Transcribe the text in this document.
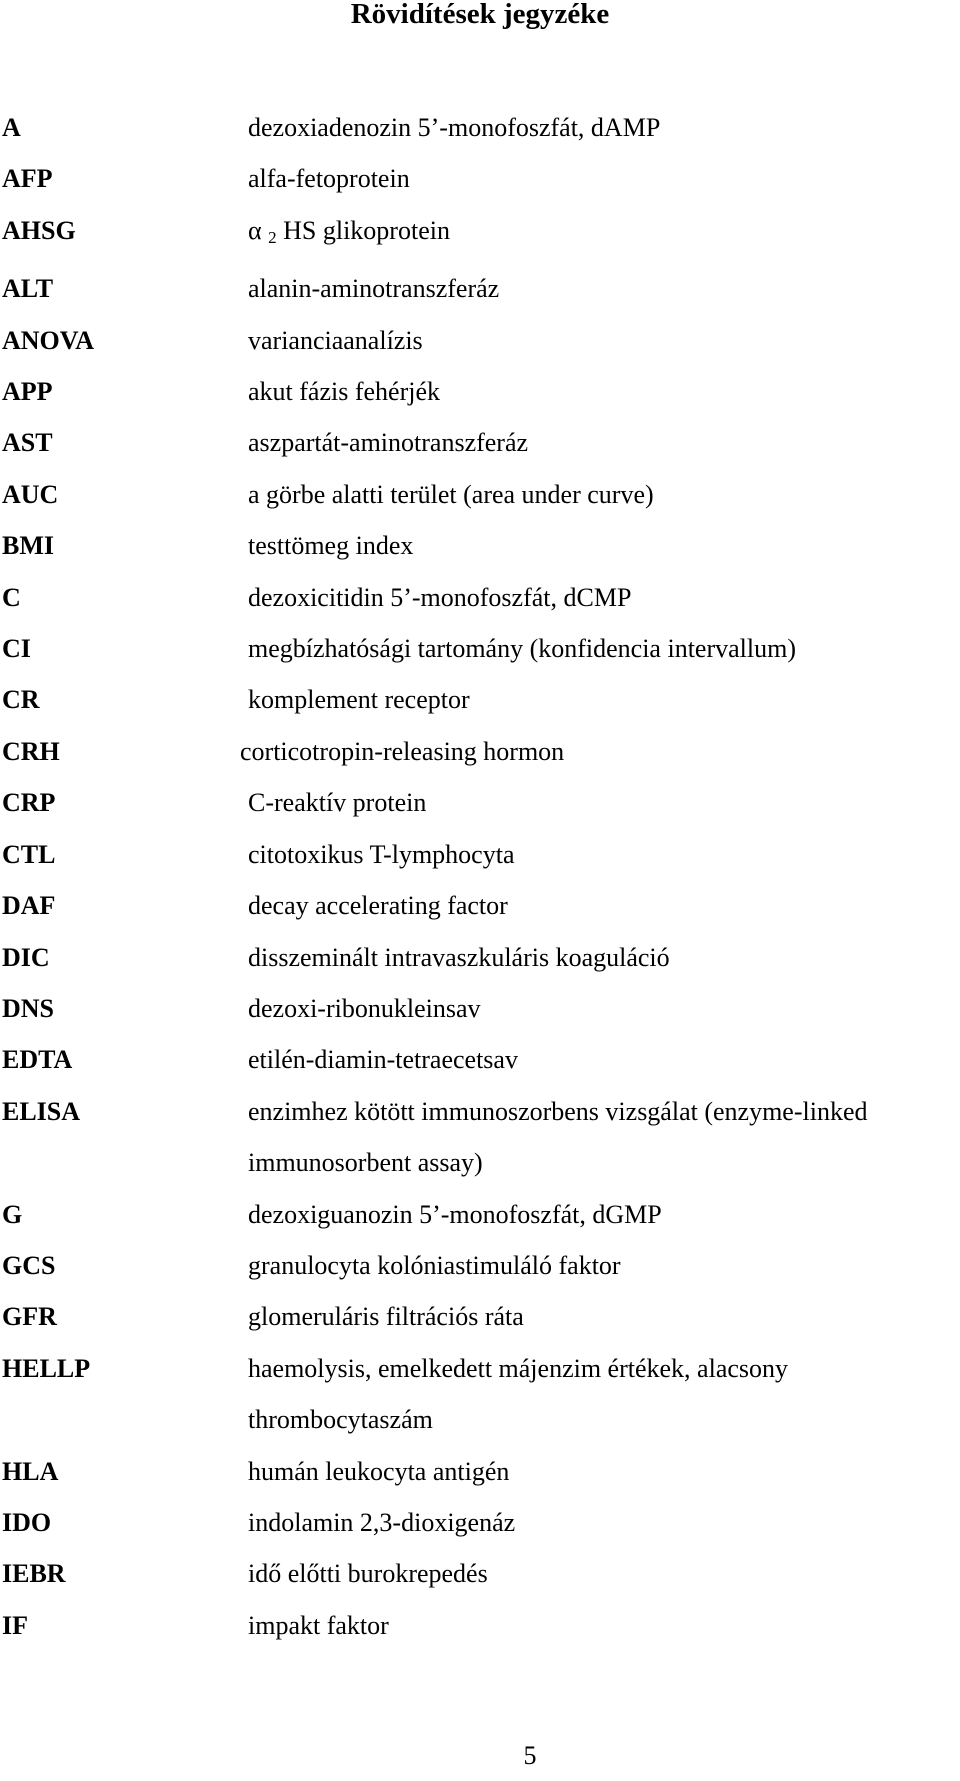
Rövidítések jegyzéke
A	dezoxiadenozin 5’-monofoszfát, dAMP
AFP	alfa-fetoprotein
AHSG	α $_2$ HS glikoprotein
ALT	alanin-aminotranszferáz
ANOVA	varianciaanalízis
APP	akut fázis fehérjék
AST	aszpartát-aminotranszferáz
AUC	a görbe alatti terület (area under curve)
BMI	testtömeg index
C	dezoxicitidin 5’-monofoszfát, dCMP
CI	megbízhatósági tartomány (konfidencia intervallum)
CR	komplement receptor
CRH	corticotropin-releasing hormon
CRP	C-reaktív protein
CTL	citotoxikus T-lymphocyta
DAF	decay accelerating factor
DIC	disszeminált intravaszkuláris koaguláció
DNS	dezoxi-ribonukleinsav
EDTA	etilén-diamin-tetraecetsav
ELISA	enzimhez kötött immunoszorbens vizsgálat (enzyme-linked
immunosorbent assay)
G	dezoxiguanozin 5’-monofoszfát, dGMP
GCS	granulocyta kolóniastimuláló faktor
GFR	glomeruláris filtrációs ráta
HELLP	haemolysis, emelkedett májenzim értékek, alacsony
thrombocytaszám
HLA	humán leukocyta antigén
IDO	indolamin 2,3-dioxigenáz
IEBR	idő előtti burokrepedés
IF	impakt faktor
5
